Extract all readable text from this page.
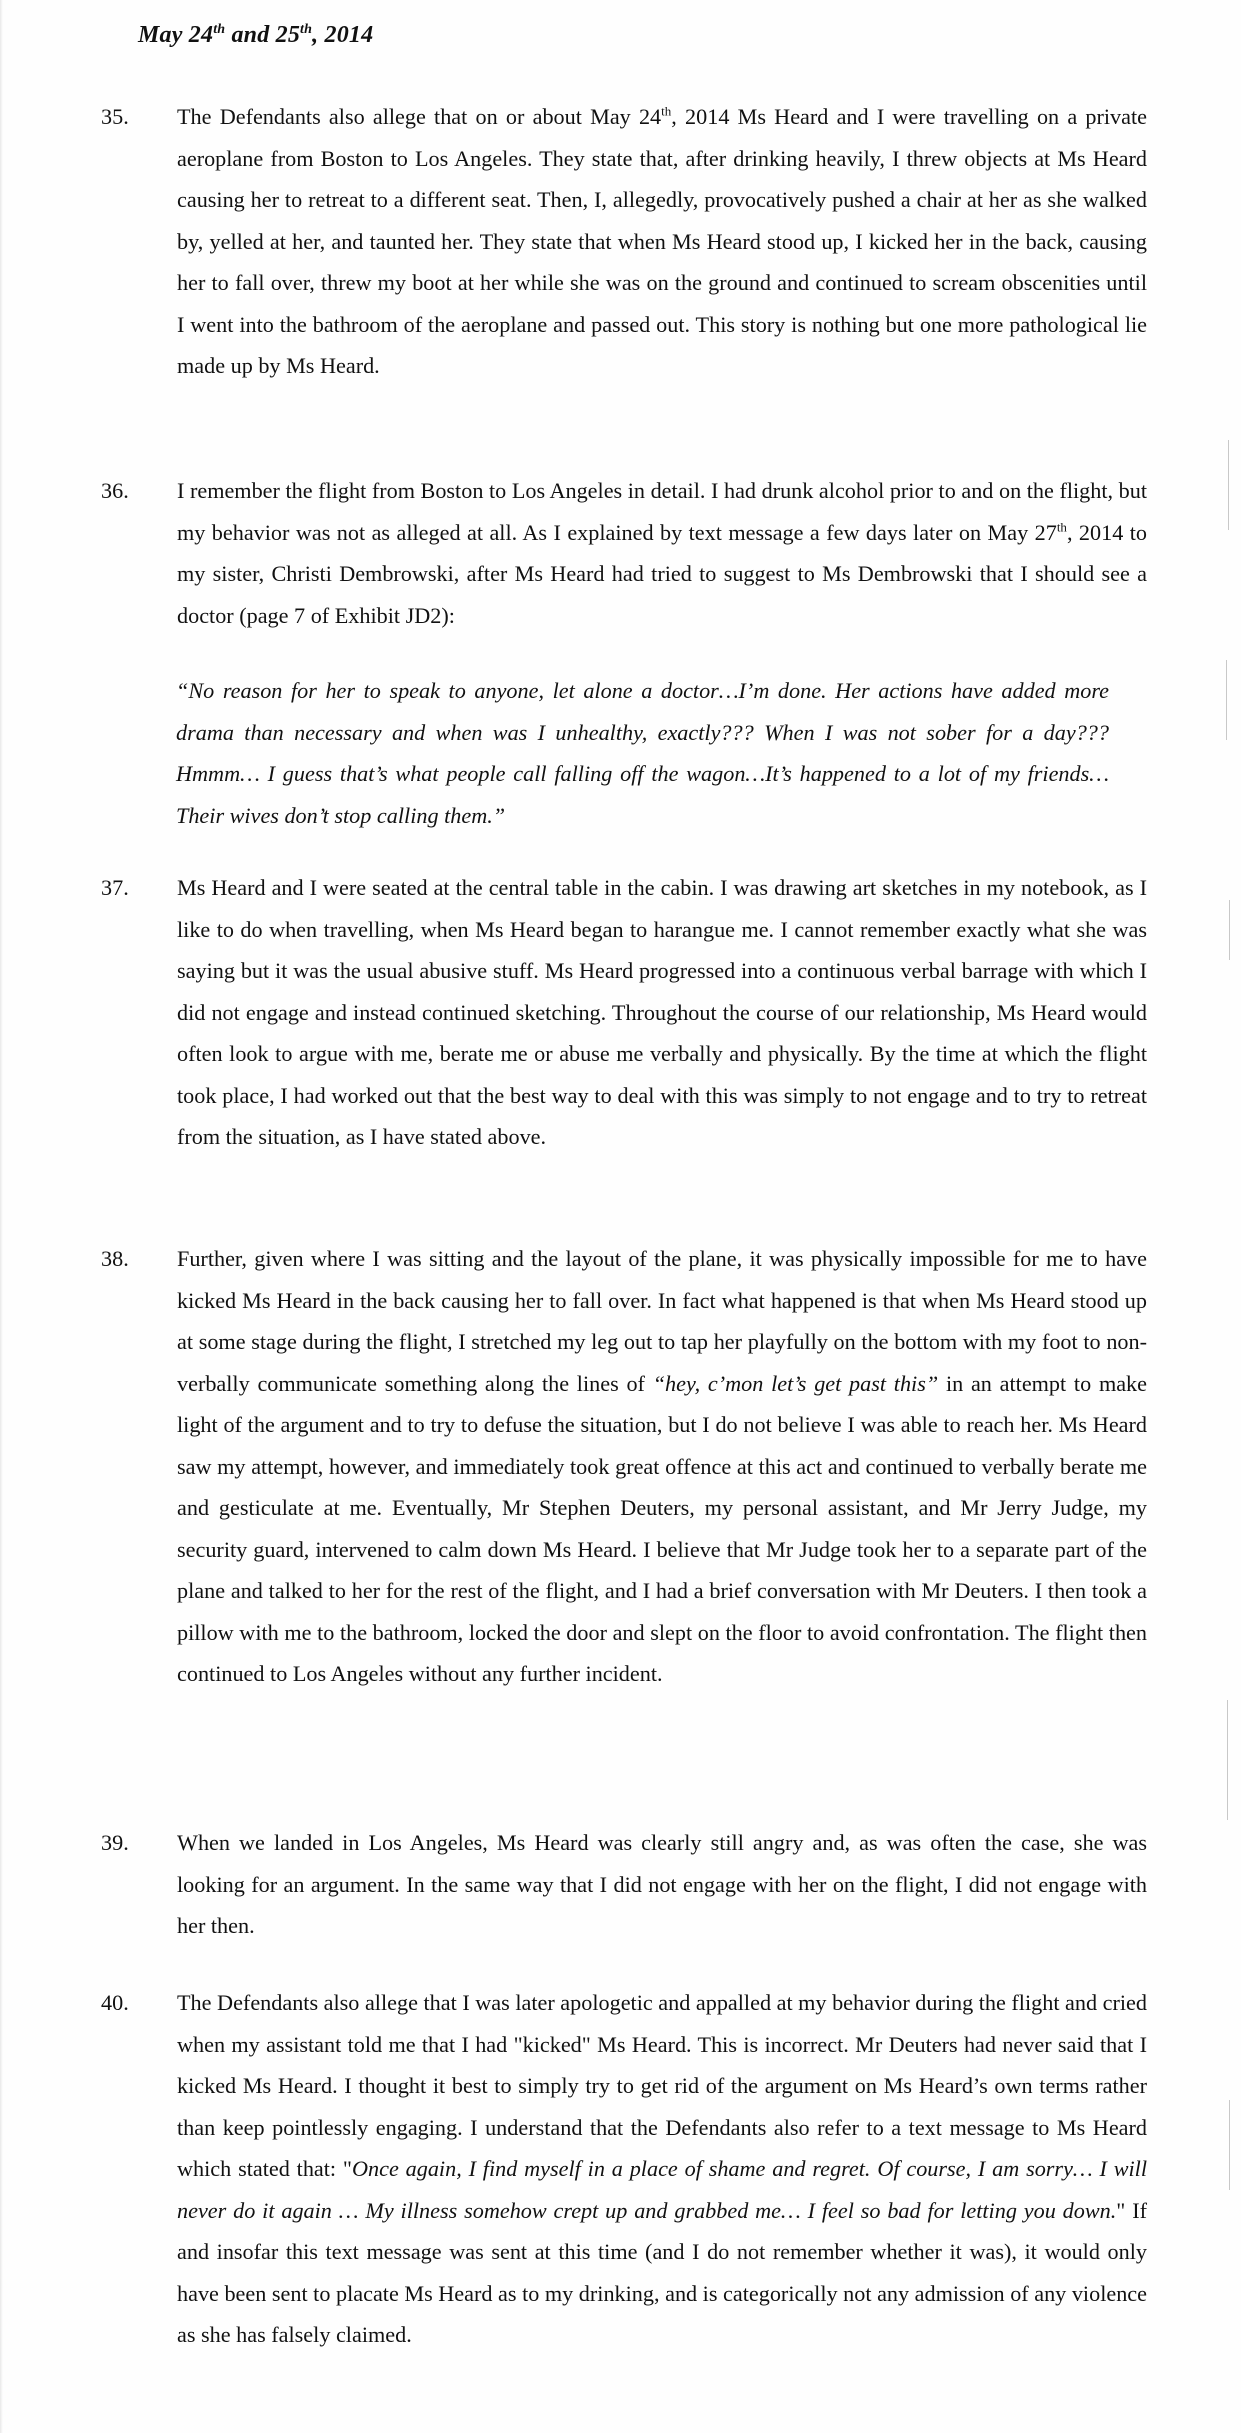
May 24th and 25th, 2014
35. The Defendants also allege that on or about May 24th, 2014 Ms Heard and I were travelling on a private aeroplane from Boston to Los Angeles. They state that, after drinking heavily, I threw objects at Ms Heard causing her to retreat to a different seat. Then, I, allegedly, provocatively pushed a chair at her as she walked by, yelled at her, and taunted her. They state that when Ms Heard stood up, I kicked her in the back, causing her to fall over, threw my boot at her while she was on the ground and continued to scream obscenities until I went into the bathroom of the aeroplane and passed out. This story is nothing but one more pathological lie made up by Ms Heard.
36. I remember the flight from Boston to Los Angeles in detail. I had drunk alcohol prior to and on the flight, but my behavior was not as alleged at all. As I explained by text message a few days later on May 27th, 2014 to my sister, Christi Dembrowski, after Ms Heard had tried to suggest to Ms Dembrowski that I should see a doctor (page 7 of Exhibit JD2):
“No reason for her to speak to anyone, let alone a doctor…I’m done. Her actions have added more drama than necessary and when was I unhealthy, exactly??? When I was not sober for a day??? Hmmm… I guess that’s what people call falling off the wagon…It’s happened to a lot of my friends…Their wives don’t stop calling them.”
37. Ms Heard and I were seated at the central table in the cabin. I was drawing art sketches in my notebook, as I like to do when travelling, when Ms Heard began to harangue me. I cannot remember exactly what she was saying but it was the usual abusive stuff. Ms Heard progressed into a continuous verbal barrage with which I did not engage and instead continued sketching. Throughout the course of our relationship, Ms Heard would often look to argue with me, berate me or abuse me verbally and physically. By the time at which the flight took place, I had worked out that the best way to deal with this was simply to not engage and to try to retreat from the situation, as I have stated above.
38. Further, given where I was sitting and the layout of the plane, it was physically impossible for me to have kicked Ms Heard in the back causing her to fall over. In fact what happened is that when Ms Heard stood up at some stage during the flight, I stretched my leg out to tap her playfully on the bottom with my foot to non-verbally communicate something along the lines of “hey, c’mon let’s get past this” in an attempt to make light of the argument and to try to defuse the situation, but I do not believe I was able to reach her. Ms Heard saw my attempt, however, and immediately took great offence at this act and continued to verbally berate me and gesticulate at me. Eventually, Mr Stephen Deuters, my personal assistant, and Mr Jerry Judge, my security guard, intervened to calm down Ms Heard. I believe that Mr Judge took her to a separate part of the plane and talked to her for the rest of the flight, and I had a brief conversation with Mr Deuters. I then took a pillow with me to the bathroom, locked the door and slept on the floor to avoid confrontation. The flight then continued to Los Angeles without any further incident.
39. When we landed in Los Angeles, Ms Heard was clearly still angry and, as was often the case, she was looking for an argument. In the same way that I did not engage with her on the flight, I did not engage with her then.
40. The Defendants also allege that I was later apologetic and appalled at my behavior during the flight and cried when my assistant told me that I had "kicked" Ms Heard. This is incorrect. Mr Deuters had never said that I kicked Ms Heard. I thought it best to simply try to get rid of the argument on Ms Heard’s own terms rather than keep pointlessly engaging. I understand that the Defendants also refer to a text message to Ms Heard which stated that: "Once again, I find myself in a place of shame and regret. Of course, I am sorry… I will never do it again … My illness somehow crept up and grabbed me… I feel so bad for letting you down." If and insofar this text message was sent at this time (and I do not remember whether it was), it would only have been sent to placate Ms Heard as to my drinking, and is categorically not any admission of any violence as she has falsely claimed.
